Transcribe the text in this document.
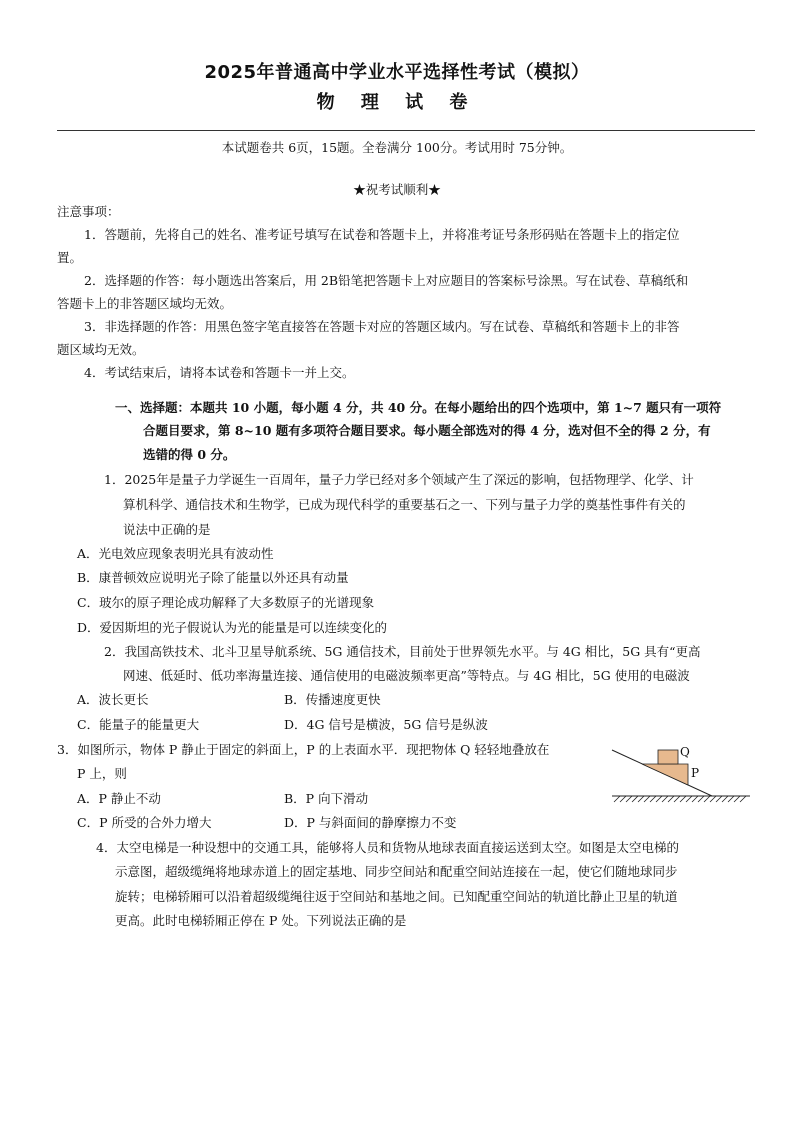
2025年普通高中学业水平选择性考试（模拟）
物 理 试 卷
本试题卷共 6页，15题。全卷满分 100分。考试用时 75分钟。
★祝考试顺利★
注意事项：
1．答题前，先将自己的姓名、准考证号填写在试卷和答题卡上，并将准考证号条形码贴在答题卡上的指定位
置。
2．选择题的作答：每小题选出答案后，用 2B铅笔把答题卡上对应题目的答案标号涂黑。写在试卷、草稿纸和
答题卡上的非答题区域均无效。
3．非选择题的作答：用黑色签字笔直接答在答题卡对应的答题区域内。写在试卷、草稿纸和答题卡上的非答
题区域均无效。
4．考试结束后，请将本试卷和答题卡一并上交。
一、选择题：本题共 10 小题，每小题 4 分，共 40 分。在每小题给出的四个选项中，第 1~7 题只有一项符
合题目要求，第 8~10 题有多项符合题目要求。每小题全部选对的得 4 分，选对但不全的得 2 分，有
选错的得 0 分。
1．2025年是量子力学诞生一百周年，量子力学已经对多个领域产生了深远的影响，包括物理学、化学、计
算机科学、通信技术和生物学，已成为现代科学的重要基石之一、下列与量子力学的奠基性事件有关的
说法中正确的是
A．光电效应现象表明光具有波动性
B．康普顿效应说明光子除了能量以外还具有动量
C．玻尔的原子理论成功解释了大多数原子的光谱现象
D．爱因斯坦的光子假说认为光的能量是可以连续变化的
2．我国高铁技术、北斗卫星导航系统、5G 通信技术，目前处于世界领先水平。与 4G 相比，5G 具有“更高
网速、低延时、低功率海量连接、通信使用的电磁波频率更高”等特点。与 4G 相比，5G 使用的电磁波
A．波长更长	B．传播速度更快
C．能量子的能量更大	D．4G 信号是横波，5G 信号是纵波
3．如图所示，物体 P 静止于固定的斜面上，P 的上表面水平．现把物体 Q 轻轻地叠放在
P 上，则
A．P 静止不动	B．P 向下滑动
C．P 所受的合外力增大	D．P 与斜面间的静摩擦力不变
Q
P
4．太空电梯是一种设想中的交通工具，能够将人员和货物从地球表面直接运送到太空。如图是太空电梯的
示意图，超级缆绳将地球赤道上的固定基地、同步空间站和配重空间站连接在一起，使它们随地球同步
旋转；电梯轿厢可以沿着超级缆绳往返于空间站和基地之间。已知配重空间站的轨道比静止卫星的轨道
更高。此时电梯轿厢正停在 P 处。下列说法正确的是
